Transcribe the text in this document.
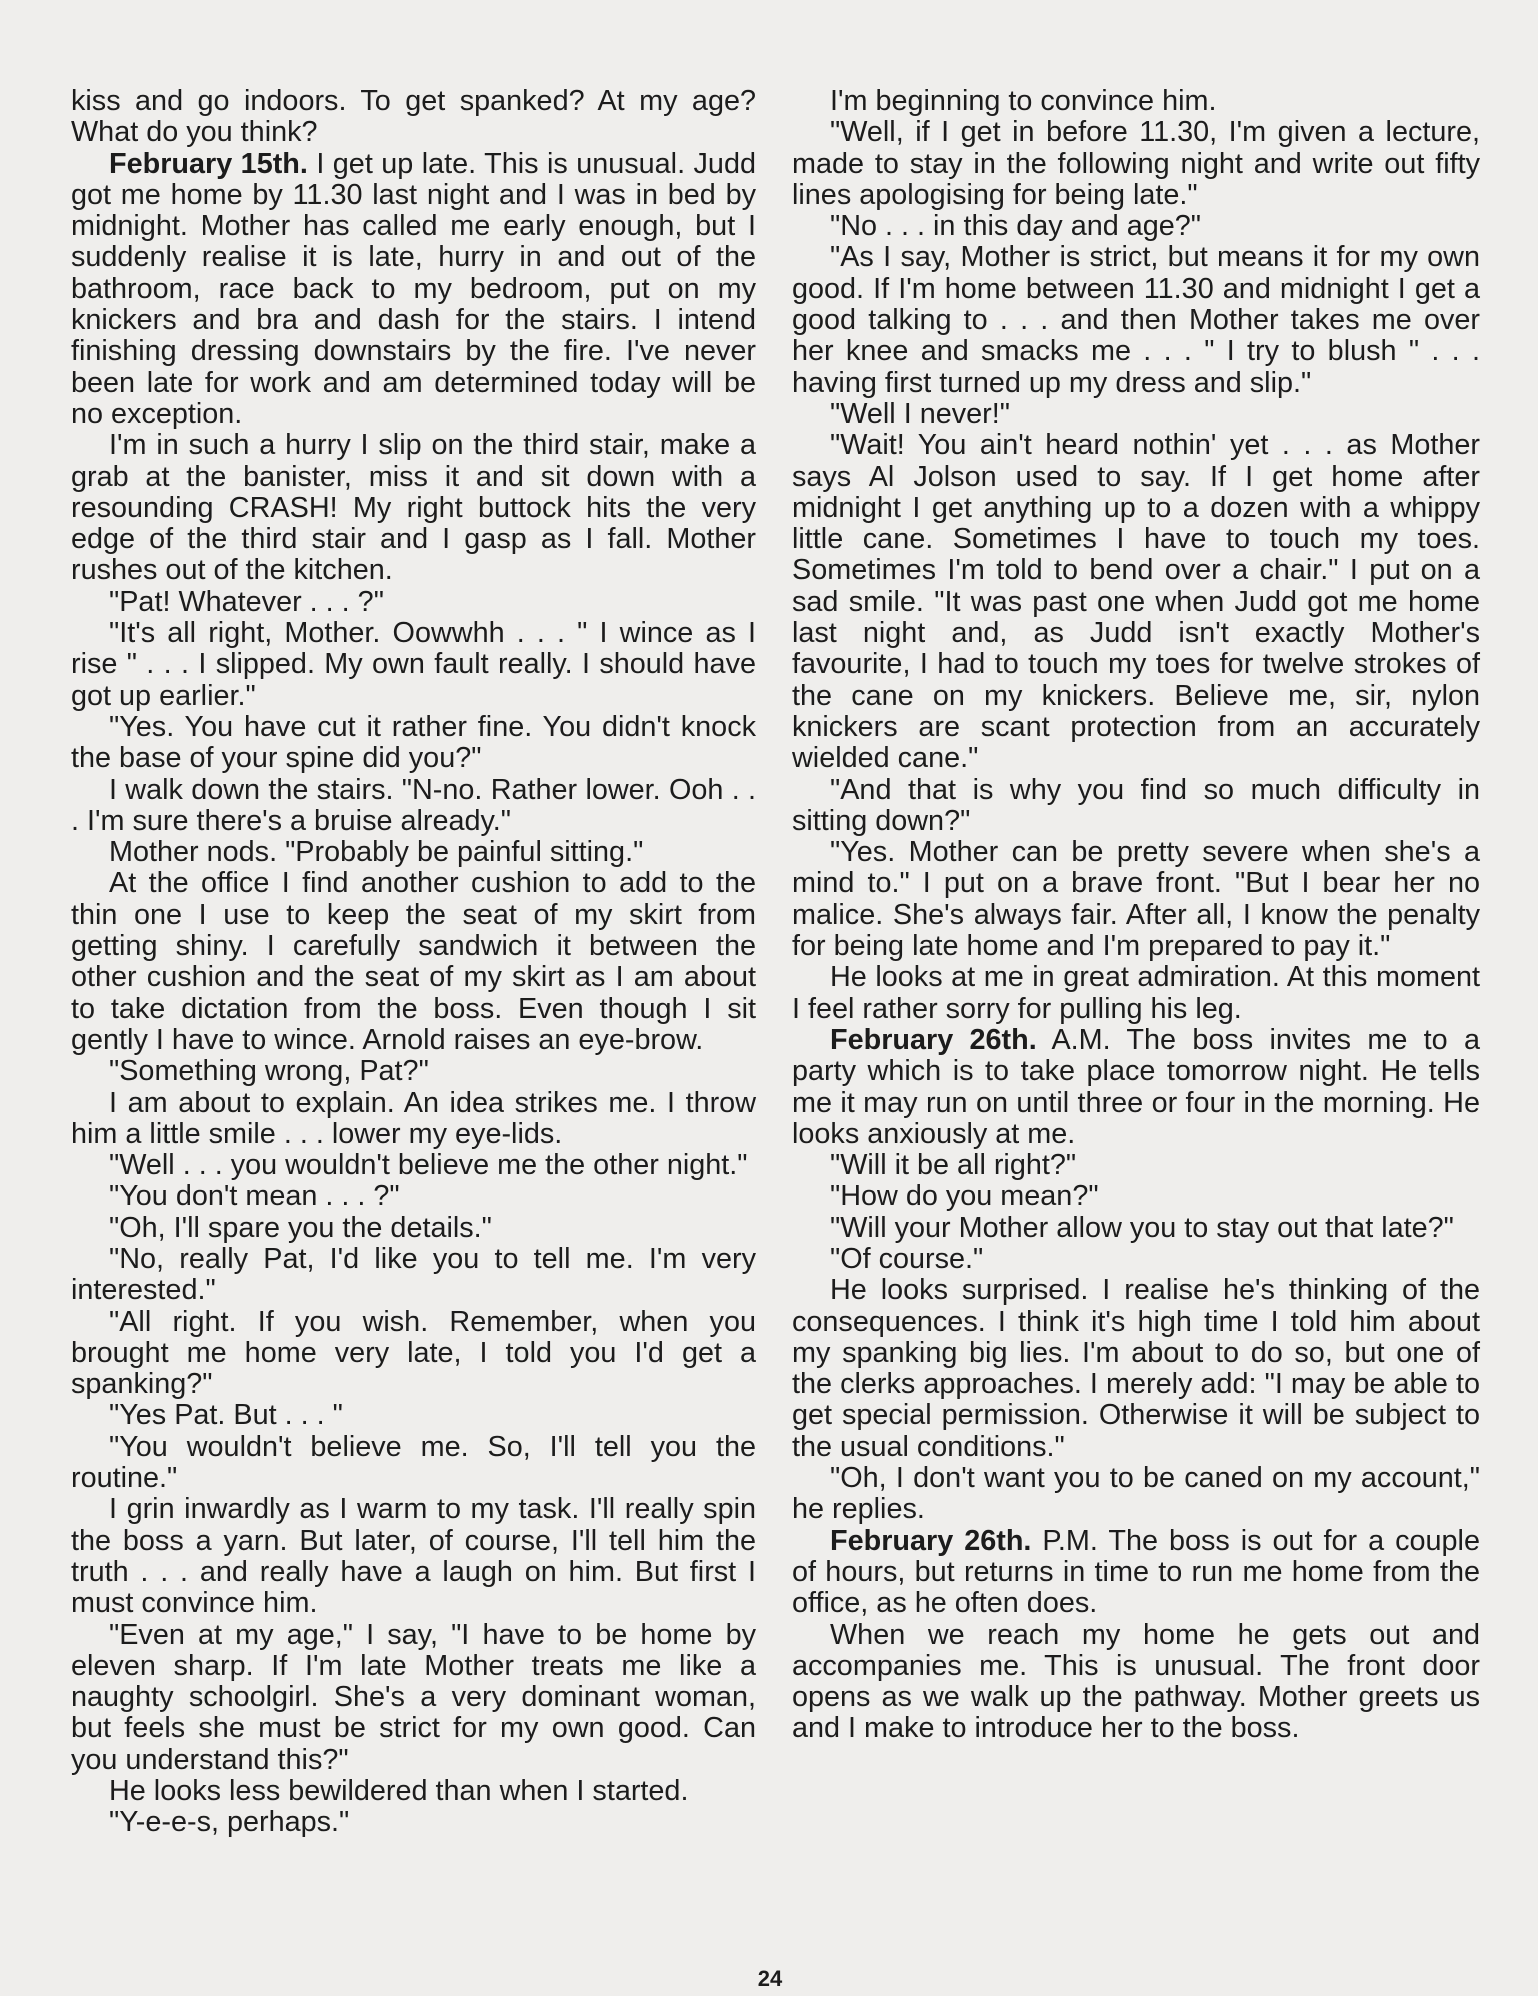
kiss and go indoors. To get spanked? At my age? What do you think?

February 15th. I get up late. This is unusual. Judd got me home by 11.30 last night and I was in bed by midnight. Mother has called me early enough, but I suddenly realise it is late, hurry in and out of the bathroom, race back to my bedroom, put on my knickers and bra and dash for the stairs. I intend finishing dressing downstairs by the fire. I've never been late for work and am determined today will be no exception.

I'm in such a hurry I slip on the third stair, make a grab at the banister, miss it and sit down with a resounding CRASH! My right buttock hits the very edge of the third stair and I gasp as I fall. Mother rushes out of the kitchen.

"Pat! Whatever . . . ?"

"It's all right, Mother. Oowwhh . . . " I wince as I rise " . . . I slipped. My own fault really. I should have got up earlier."

"Yes. You have cut it rather fine. You didn't knock the base of your spine did you?"

I walk down the stairs. "N-no. Rather lower. Ooh . . . I'm sure there's a bruise already."

Mother nods. "Probably be painful sitting."

At the office I find another cushion to add to the thin one I use to keep the seat of my skirt from getting shiny. I carefully sandwich it between the other cushion and the seat of my skirt as I am about to take dictation from the boss. Even though I sit gently I have to wince. Arnold raises an eye-brow.

"Something wrong, Pat?"

I am about to explain. An idea strikes me. I throw him a little smile . . . lower my eye-lids.

"Well . . . you wouldn't believe me the other night."

"You don't mean . . . ?"

"Oh, I'll spare you the details."

"No, really Pat, I'd like you to tell me. I'm very interested."

"All right. If you wish. Remember, when you brought me home very late, I told you I'd get a spanking?"

"Yes Pat. But . . . "

"You wouldn't believe me. So, I'll tell you the routine."

I grin inwardly as I warm to my task. I'll really spin the boss a yarn. But later, of course, I'll tell him the truth . . . and really have a laugh on him. But first I must convince him.

"Even at my age," I say, "I have to be home by eleven sharp. If I'm late Mother treats me like a naughty schoolgirl. She's a very dominant woman, but feels she must be strict for my own good. Can you understand this?"

He looks less bewildered than when I started.

"Y-e-e-s, perhaps."

I'm beginning to convince him.

"Well, if I get in before 11.30, I'm given a lecture, made to stay in the following night and write out fifty lines apologising for being late."

"No . . . in this day and age?"

"As I say, Mother is strict, but means it for my own good. If I'm home between 11.30 and midnight I get a good talking to . . . and then Mother takes me over her knee and smacks me . . . " I try to blush " . . . having first turned up my dress and slip."

"Well I never!"

"Wait! You ain't heard nothin' yet . . . as Mother says Al Jolson used to say. If I get home after midnight I get anything up to a dozen with a whippy little cane. Sometimes I have to touch my toes. Sometimes I'm told to bend over a chair." I put on a sad smile. "It was past one when Judd got me home last night and, as Judd isn't exactly Mother's favourite, I had to touch my toes for twelve strokes of the cane on my knickers. Believe me, sir, nylon knickers are scant protection from an accurately wielded cane."

"And that is why you find so much difficulty in sitting down?"

"Yes. Mother can be pretty severe when she's a mind to." I put on a brave front. "But I bear her no malice. She's always fair. After all, I know the penalty for being late home and I'm prepared to pay it."

He looks at me in great admiration. At this moment I feel rather sorry for pulling his leg.

February 26th. A.M. The boss invites me to a party which is to take place tomorrow night. He tells me it may run on until three or four in the morning. He looks anxiously at me.

"Will it be all right?"

"How do you mean?"

"Will your Mother allow you to stay out that late?"

"Of course."

He looks surprised. I realise he's thinking of the consequences. I think it's high time I told him about my spanking big lies. I'm about to do so, but one of the clerks approaches. I merely add: "I may be able to get special permission. Otherwise it will be subject to the usual conditions."

"Oh, I don't want you to be caned on my account," he replies.

February 26th. P.M. The boss is out for a couple of hours, but returns in time to run me home from the office, as he often does.

When we reach my home he gets out and accompanies me. This is unusual. The front door opens as we walk up the pathway. Mother greets us and I make to introduce her to the boss.

24
